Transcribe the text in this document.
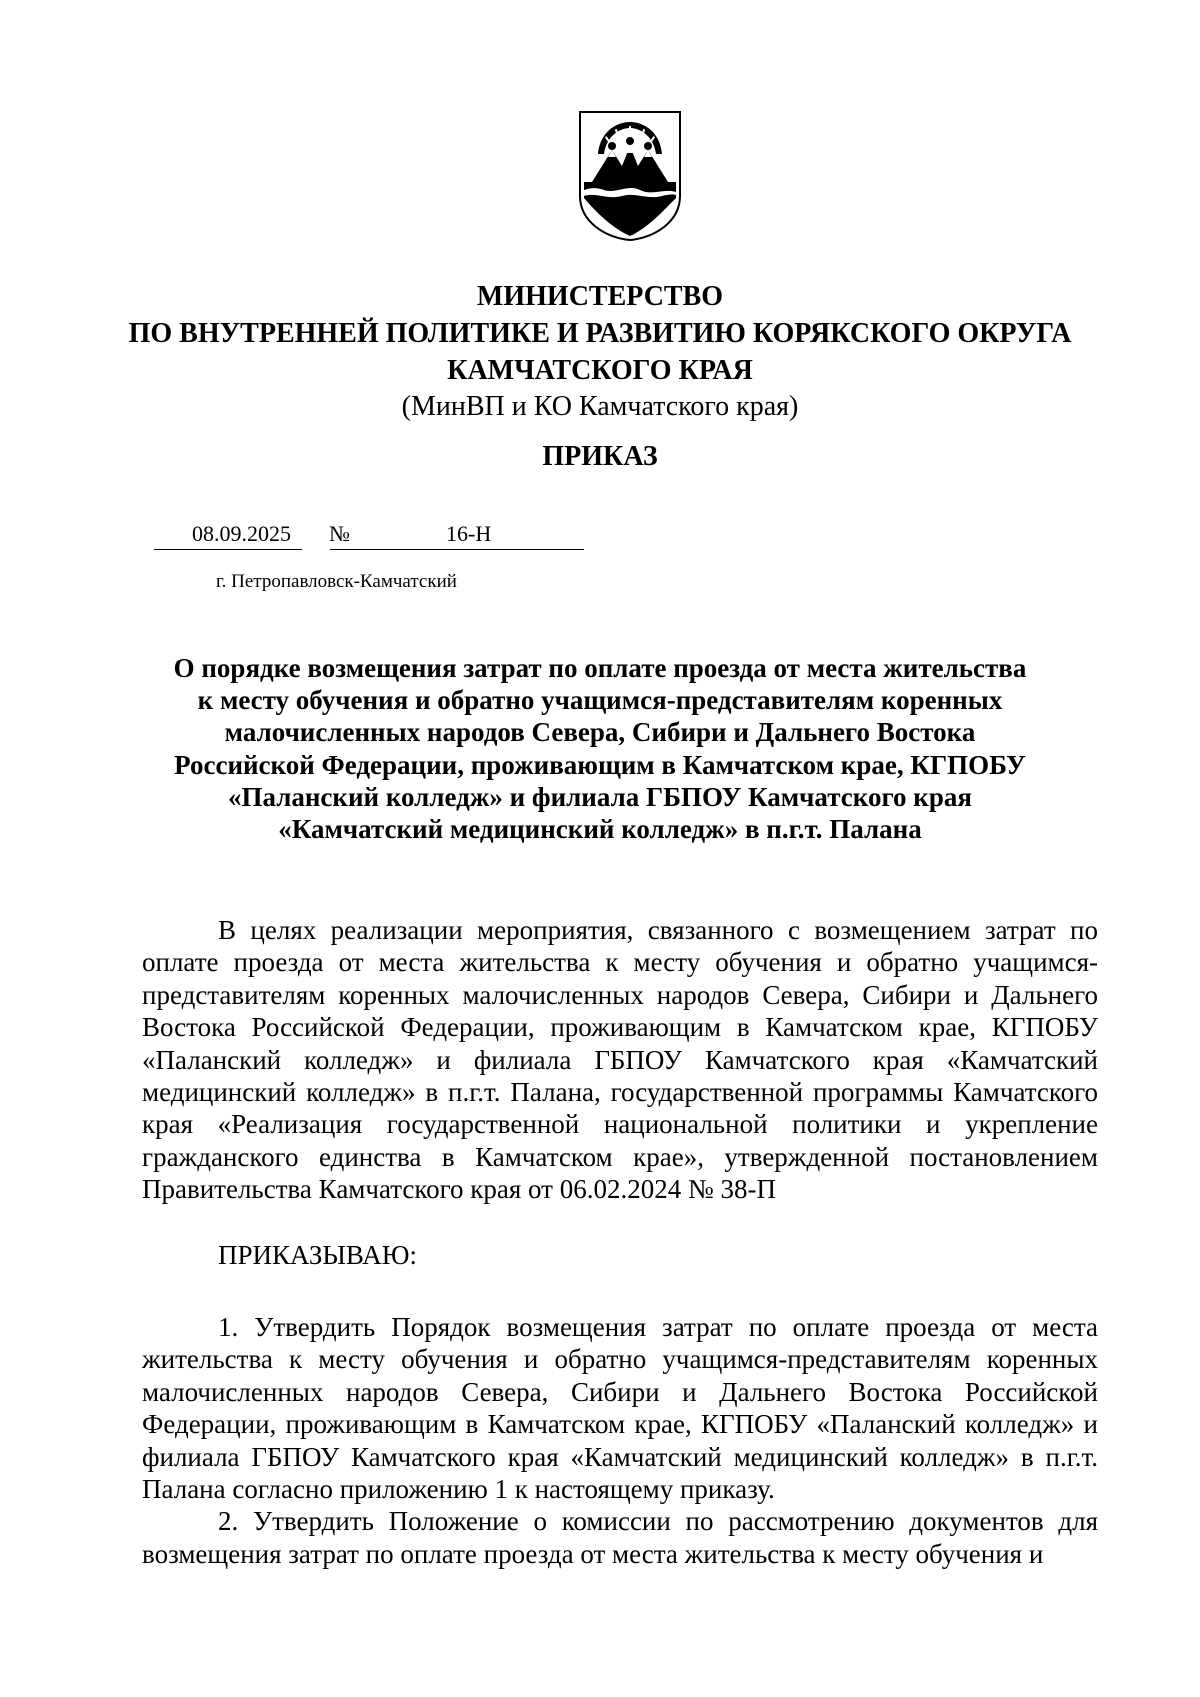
МИНИСТЕРСТВО
ПО ВНУТРЕННЕЙ ПОЛИТИКЕ И РАЗВИТИЮ КОРЯКСКОГО ОКРУГА
КАМЧАТСКОГО КРАЯ
(МинВП и КО Камчатского края)
ПРИКАЗ
08.09.2025 №	16-Н
г. Петропавловск-Камчатский
О порядке возмещения затрат по оплате проезда от места жительства
к месту обучения и обратно учащимся-представителям коренных
малочисленных народов Севера, Сибири и Дальнего Востока
Российской Федерации, проживающим в Камчатском крае, КГПОБУ
«Паланский колледж» и филиала ГБПОУ Камчатского края
«Камчатский медицинский колледж» в п.г.т. Палана

В целях реализации мероприятия, связанного с возмещением затрат по оплате проезда от места жительства к месту обучения и обратно учащимся-представителям коренных малочисленных народов Севера, Сибири и Дальнего Востока Российской Федерации, проживающим в Камчатском крае, КГПОБУ «Паланский колледж» и филиала ГБПОУ Камчатского края «Камчатский медицинский колледж» в п.г.т. Палана, государственной программы Камчатского края «Реализация государственной национальной политики и укрепление гражданского единства в Камчатском крае», утвержденной постановлением Правительства Камчатского края от 06.02.2024 № 38-П

ПРИКАЗЫВАЮ:

1. Утвердить Порядок возмещения затрат по оплате проезда от места жительства к месту обучения и обратно учащимся-представителям коренных малочисленных народов Севера, Сибири и Дальнего Востока Российской Федерации, проживающим в Камчатском крае, КГПОБУ «Паланский колледж» и филиала ГБПОУ Камчатского края «Камчатский медицинский колледж» в п.г.т. Палана согласно приложению 1 к настоящему приказу.

2. Утвердить Положение о комиссии по рассмотрению документов для возмещения затрат по оплате проезда от места жительства к месту обучения и
